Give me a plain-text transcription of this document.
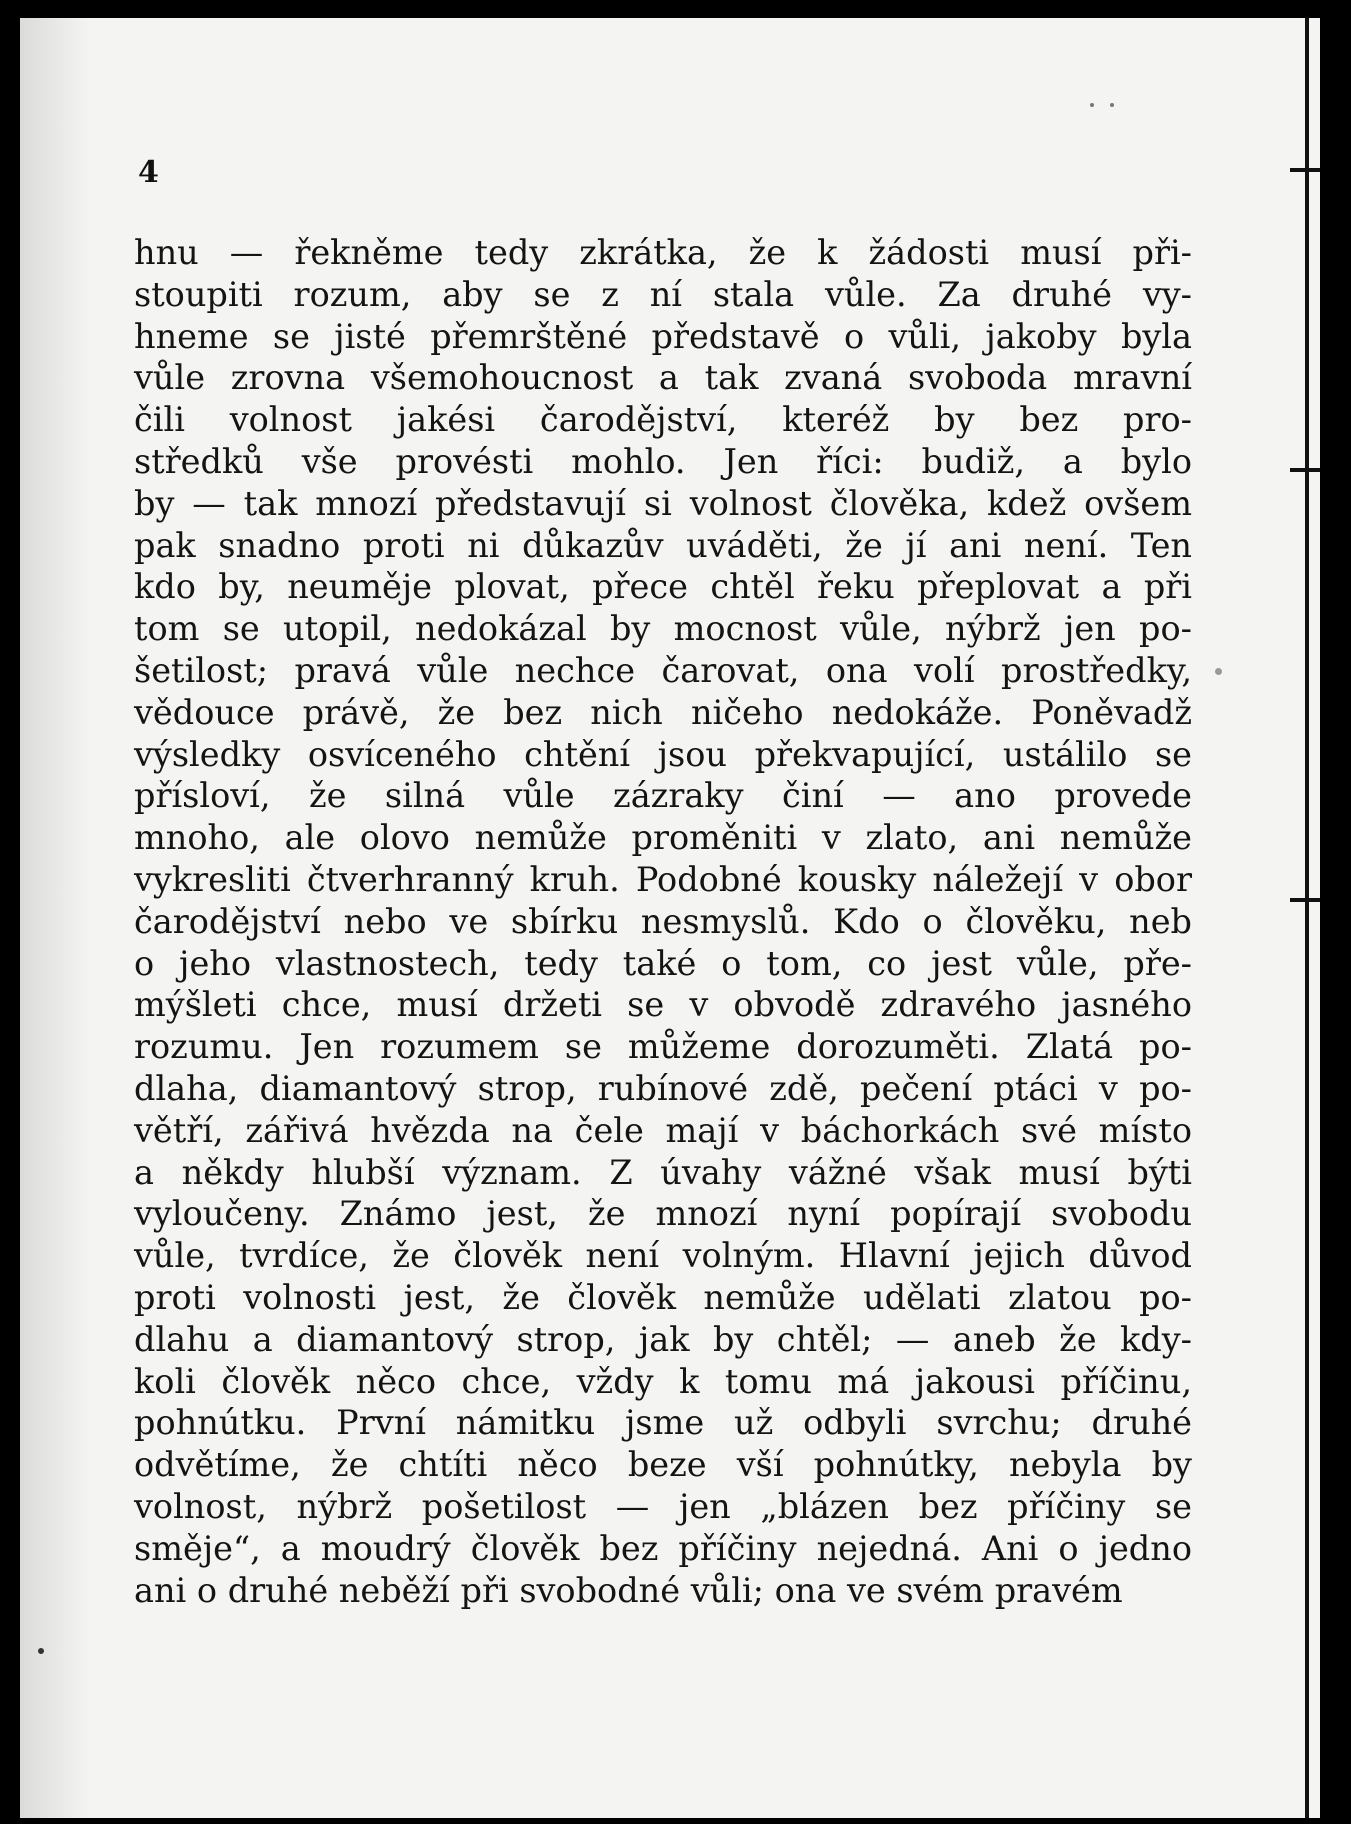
4
hnu — řekněme tedy zkrátka, že k žádosti musí při-
stoupiti rozum, aby se z ní stala vůle. Za druhé vy-
hneme se jisté přemrštěné představě o vůli, jakoby byla
vůle zrovna všemohoucnost a tak zvaná svoboda mravní
čili volnost jakési čarodějství, kteréž by bez pro-
středků vše provésti mohlo. Jen říci: budiž, a bylo
by — tak mnozí představují si volnost člověka, kdež ovšem
pak snadno proti ni důkazův uváděti, že jí ani není. Ten
kdo by, neuměje plovat, přece chtěl řeku přeplovat a při
tom se utopil, nedokázal by mocnost vůle, nýbrž jen po-
šetilost; pravá vůle nechce čarovat, ona volí prostředky,
vědouce právě, že bez nich ničeho nedokáže. Poněvadž
výsledky osvíceného chtění jsou překvapující, ustálilo se
přísloví, že silná vůle zázraky činí — ano provede
mnoho, ale olovo nemůže proměniti v zlato, ani nemůže
vykresliti čtverhranný kruh. Podobné kousky náležejí v obor
čarodějství nebo ve sbírku nesmyslů. Kdo o člověku, neb
o jeho vlastnostech, tedy také o tom, co jest vůle, pře-
mýšleti chce, musí držeti se v obvodě zdravého jasného
rozumu. Jen rozumem se můžeme dorozuměti. Zlatá po-
dlaha, diamantový strop, rubínové zdě, pečení ptáci v po-
větří, zářivá hvězda na čele mají v báchorkách své místo
a někdy hlubší význam. Z úvahy vážné však musí býti
vyloučeny. Známo jest, že mnozí nyní popírají svobodu
vůle, tvrdíce, že člověk není volným. Hlavní jejich důvod
proti volnosti jest, že člověk nemůže udělati zlatou po-
dlahu a diamantový strop, jak by chtěl; — aneb že kdy-
koli člověk něco chce, vždy k tomu má jakousi příčinu,
pohnútku. První námitku jsme už odbyli svrchu; druhé
odvětíme, že chtíti něco beze vší pohnútky, nebyla by
volnost, nýbrž pošetilost — jen „blázen bez příčiny se
směje“, a moudrý člověk bez příčiny nejedná. Ani o jedno
ani o druhé neběží při svobodné vůli; ona ve svém pravém
